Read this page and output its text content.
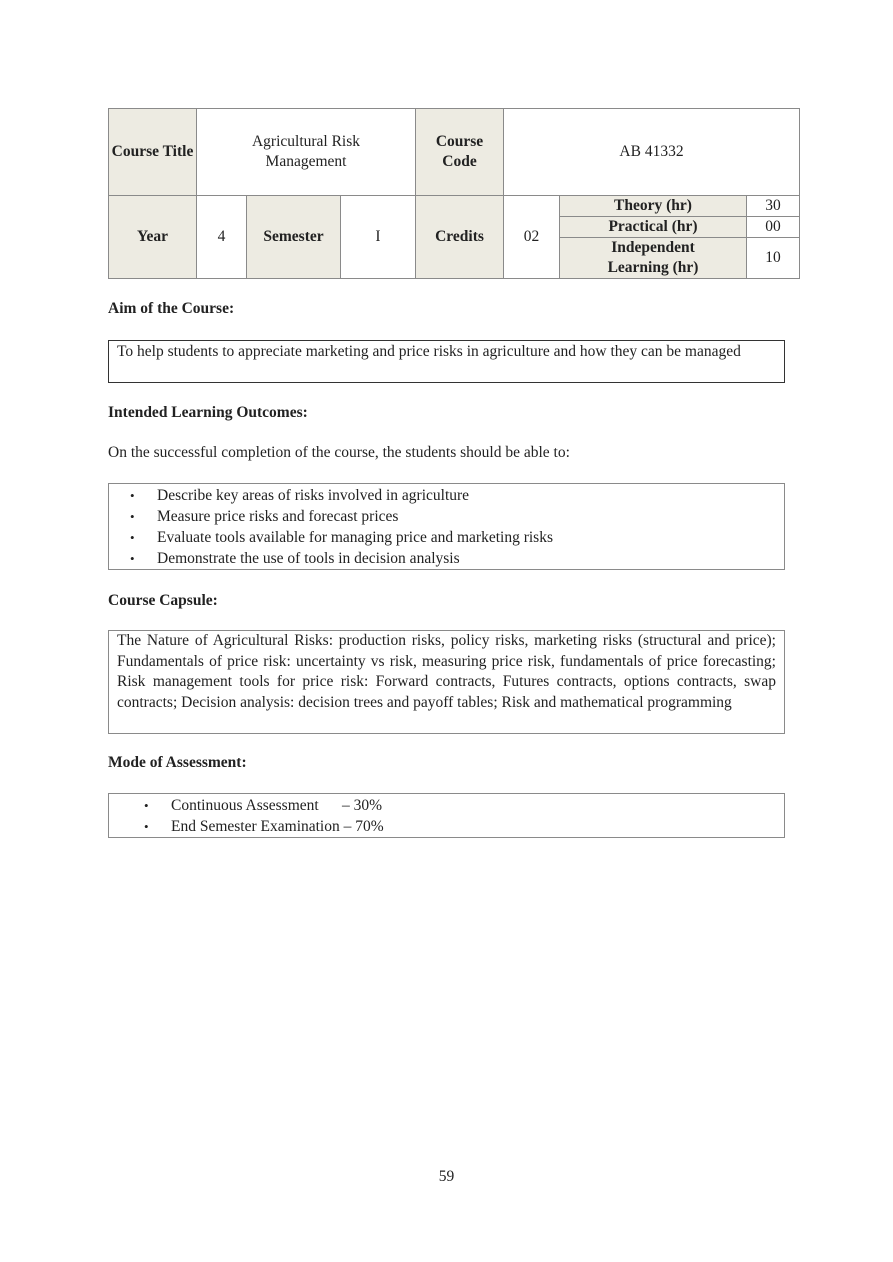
Course Title	Agricultural Risk Management			Course Code	AB 41332		
Year	4	Semester	I	Credits	02	Theory (hr)	30
						Practical (hr)	00
						Independent Learning (hr)	10
Aim of the Course:
To help students to appreciate marketing and price risks in agriculture and how they can be managed
Intended Learning Outcomes:
On the successful completion of the course, the students should be able to:
• Describe key areas of risks involved in agriculture
• Measure price risks and forecast prices
• Evaluate tools available for managing price and marketing risks
• Demonstrate the use of tools in decision analysis
Course Capsule:
The Nature of Agricultural Risks: production risks, policy risks, marketing risks (structural and price); Fundamentals of price risk: uncertainty vs risk, measuring price risk, fundamentals of price forecasting; Risk management tools for price risk: Forward contracts, Futures contracts, options contracts, swap contracts; Decision analysis: decision trees and payoff tables; Risk and mathematical programming
Mode of Assessment:
• Continuous Assessment      – 30%
• End Semester Examination – 70%
59
